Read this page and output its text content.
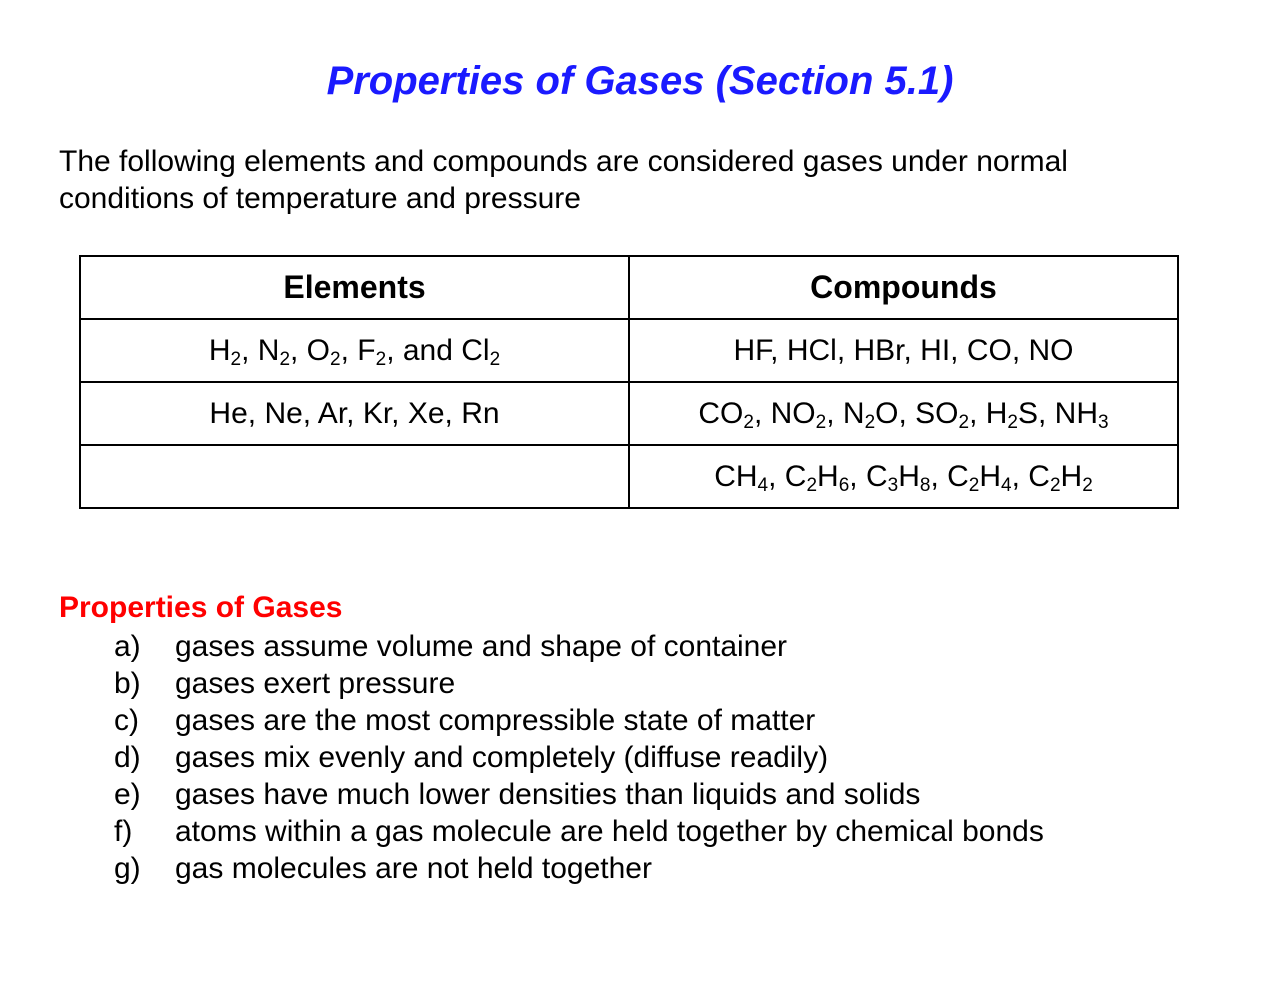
Properties of Gases (Section 5.1)

The following elements and compounds are considered gases under normal
conditions of temperature and pressure

Elements	Compounds
$H_2$, $N_2$, $O_2$, $F_2$, and $Cl_2$	HF, HCl, HBr, HI, CO, NO
He, Ne, Ar, Kr, Xe, Rn	$CO_2$, $NO_2$, $N_2O$, $SO_2$, $H_2S$, $NH_3$
	$CH_4$, $C_2H_6$, $C_3H_8$, $C_2H_4$, $C_2H_2$
Properties of Gases
a)	gases assume volume and shape of container
b)	gases exert pressure
c)	gases are the most compressible state of matter
d)	gases mix evenly and completely (diffuse readily)
e)	gases have much lower densities than liquids and solids
f)	atoms within a gas molecule are held together by chemical bonds
g)	gas molecules are not held together
